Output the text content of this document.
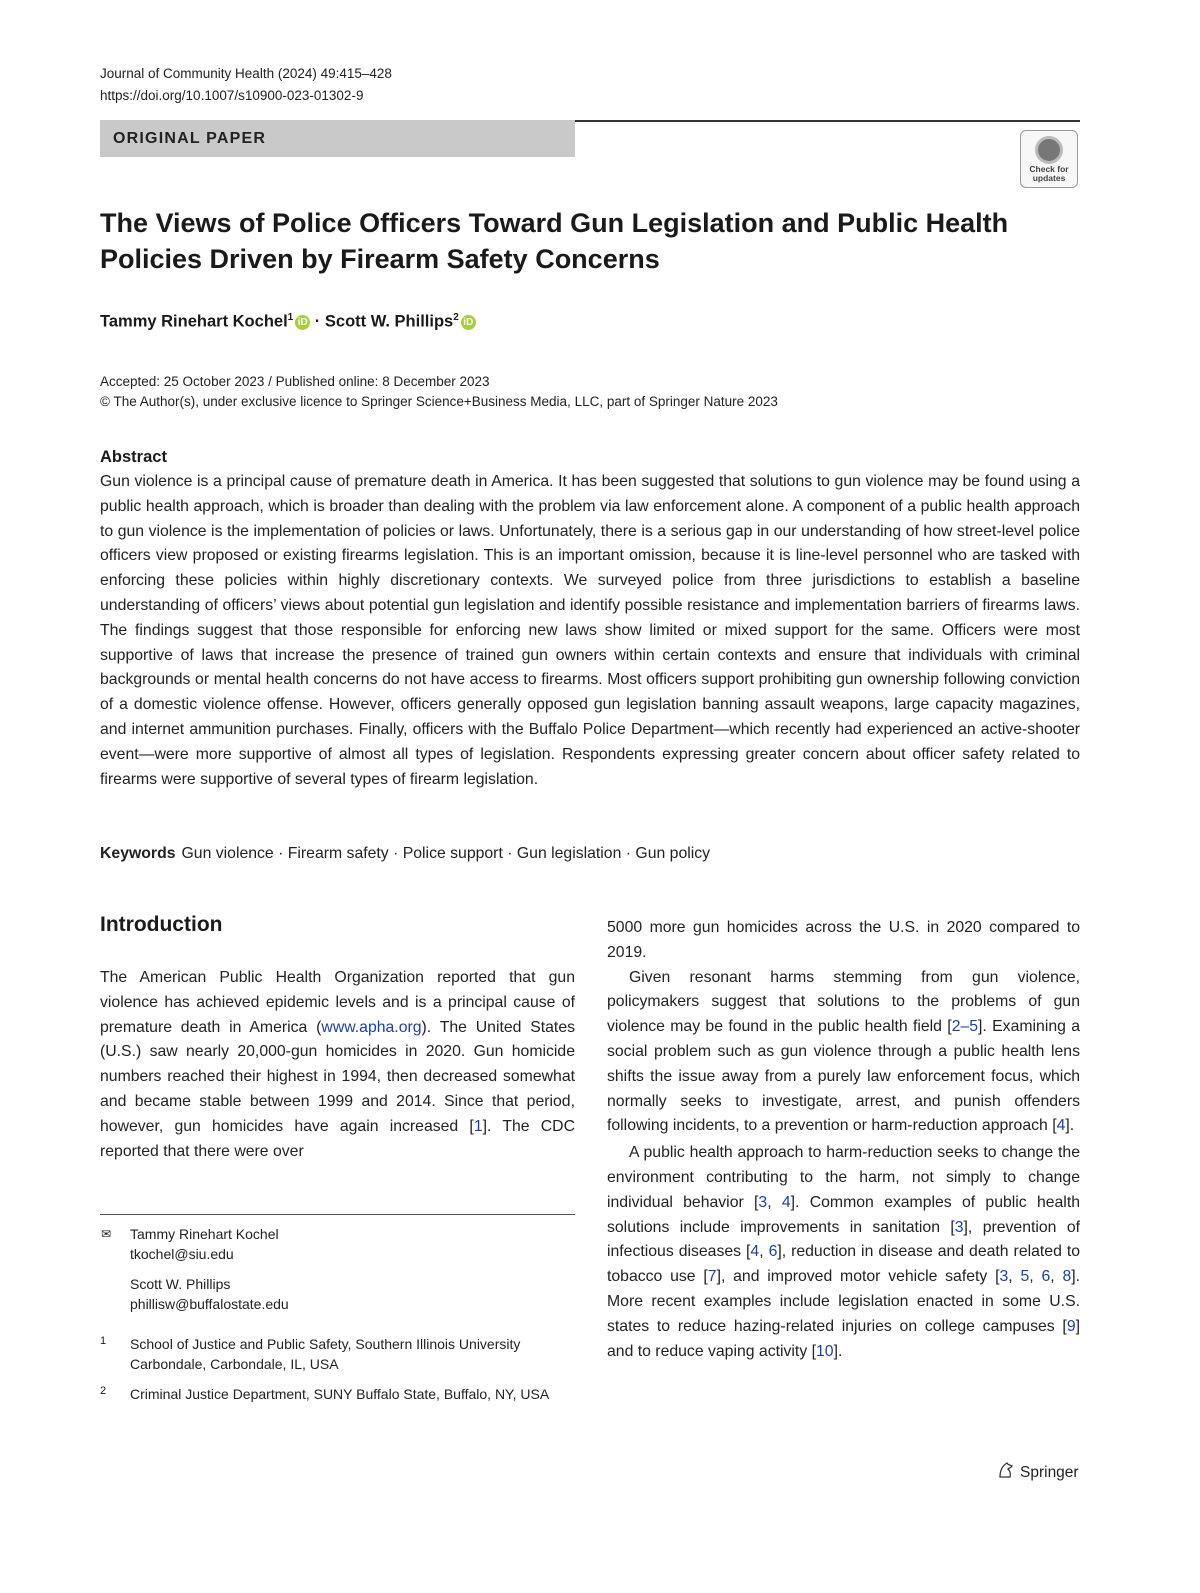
Journal of Community Health (2024) 49:415–428
https://doi.org/10.1007/s10900-023-01302-9
ORIGINAL PAPER
Check for updates
The Views of Police Officers Toward Gun Legislation and Public Health Policies Driven by Firearm Safety Concerns
Tammy Rinehart Kochel$^1$ iD · Scott W. Phillips$^2$ iD
Accepted: 25 October 2023 / Published online: 8 December 2023
© The Author(s), under exclusive licence to Springer Science+Business Media, LLC, part of Springer Nature 2023
Abstract
Gun violence is a principal cause of premature death in America. It has been suggested that solutions to gun violence may be found using a public health approach, which is broader than dealing with the problem via law enforcement alone. A component of a public health approach to gun violence is the implementation of policies or laws. Unfortunately, there is a serious gap in our understanding of how street-level police officers view proposed or existing firearms legislation. This is an important omission, because it is line-level personnel who are tasked with enforcing these policies within highly discretionary contexts. We surveyed police from three jurisdictions to establish a baseline understanding of officers’ views about potential gun legislation and identify possible resistance and implementation barriers of firearms laws. The findings suggest that those responsible for enforcing new laws show limited or mixed support for the same. Officers were most supportive of laws that increase the presence of trained gun owners within certain contexts and ensure that individuals with criminal backgrounds or mental health concerns do not have access to firearms. Most officers support prohibiting gun ownership following conviction of a domestic violence offense. However, officers generally opposed gun legislation banning assault weapons, large capacity magazines, and internet ammunition purchases. Finally, officers with the Buffalo Police Department—which recently had experienced an active-shooter event—were more supportive of almost all types of legislation. Respondents expressing greater concern about officer safety related to firearms were supportive of several types of firearm legislation.
Keywords Gun violence · Firearm safety · Police support · Gun legislation · Gun policy
Introduction

The American Public Health Organization reported that gun violence has achieved epidemic levels and is a principal cause of premature death in America (www.apha.org). The United States (U.S.) saw nearly 20,000-gun homicides in 2020. Gun homicide numbers reached their highest in 1994, then decreased somewhat and became stable between 1999 and 2014. Since that period, however, gun homicides have again increased [1]. The CDC reported that there were over

5000 more gun homicides across the U.S. in 2020 compared to 2019.

Given resonant harms stemming from gun violence, policymakers suggest that solutions to the problems of gun violence may be found in the public health field [2–5]. Examining a social problem such as gun violence through a public health lens shifts the issue away from a purely law enforcement focus, which normally seeks to investigate, arrest, and punish offenders following incidents, to a prevention or harm-reduction approach [4].

A public health approach to harm-reduction seeks to change the environment contributing to the harm, not simply to change individual behavior [3, 4]. Common examples of public health solutions include improvements in sanitation [3], prevention of infectious diseases [4, 6], reduction in disease and death related to tobacco use [7], and improved motor vehicle safety [3, 5, 6, 8]. More recent examples include legislation enacted in some U.S. states to reduce hazing-related injuries on college campuses [9] and to reduce vaping activity [10].

✉ Tammy Rinehart Kochel
tkochel@siu.edu
Scott W. Phillips
phillisw@buffalostate.edu
1 School of Justice and Public Safety, Southern Illinois University Carbondale, Carbondale, IL, USA
2 Criminal Justice Department, SUNY Buffalo State, Buffalo, NY, USA
Springer
